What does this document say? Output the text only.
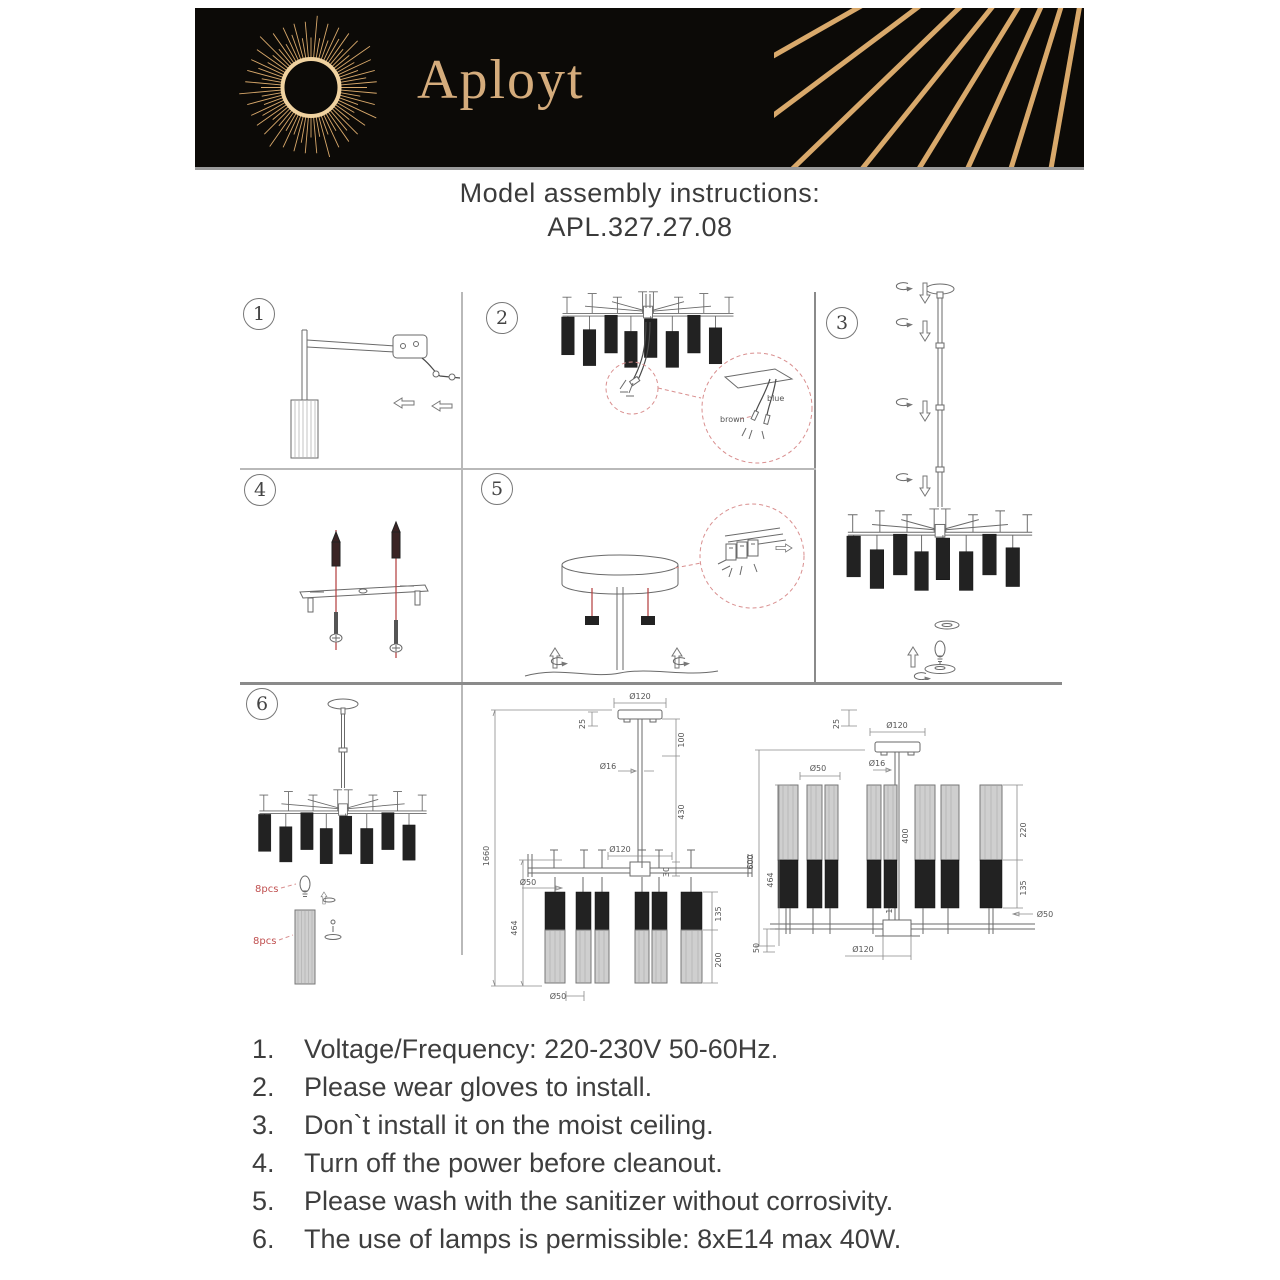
Aployt
Model assembly instructions:
APL.327.27.08
1	2	3
4	5
6
blue
brown
8pcs
8pcs
Ø120
25
100
430
30
Ø16
Ø120
1660
464
Ø50
135
200
Ø50
25	Ø120
Ø16
Ø50
400
600
464
220
135
Ø50
50	Ø120
1.	Voltage/Frequency: 220-230V 50-60Hz.
2.	Please wear gloves to install.
3.	Don`t install it on the moist ceiling.
4.	Turn off the power before cleanout.
5.	Please wash with the sanitizer without corrosivity.
6.	The use of lamps is permissible: 8xE14 max 40W.
